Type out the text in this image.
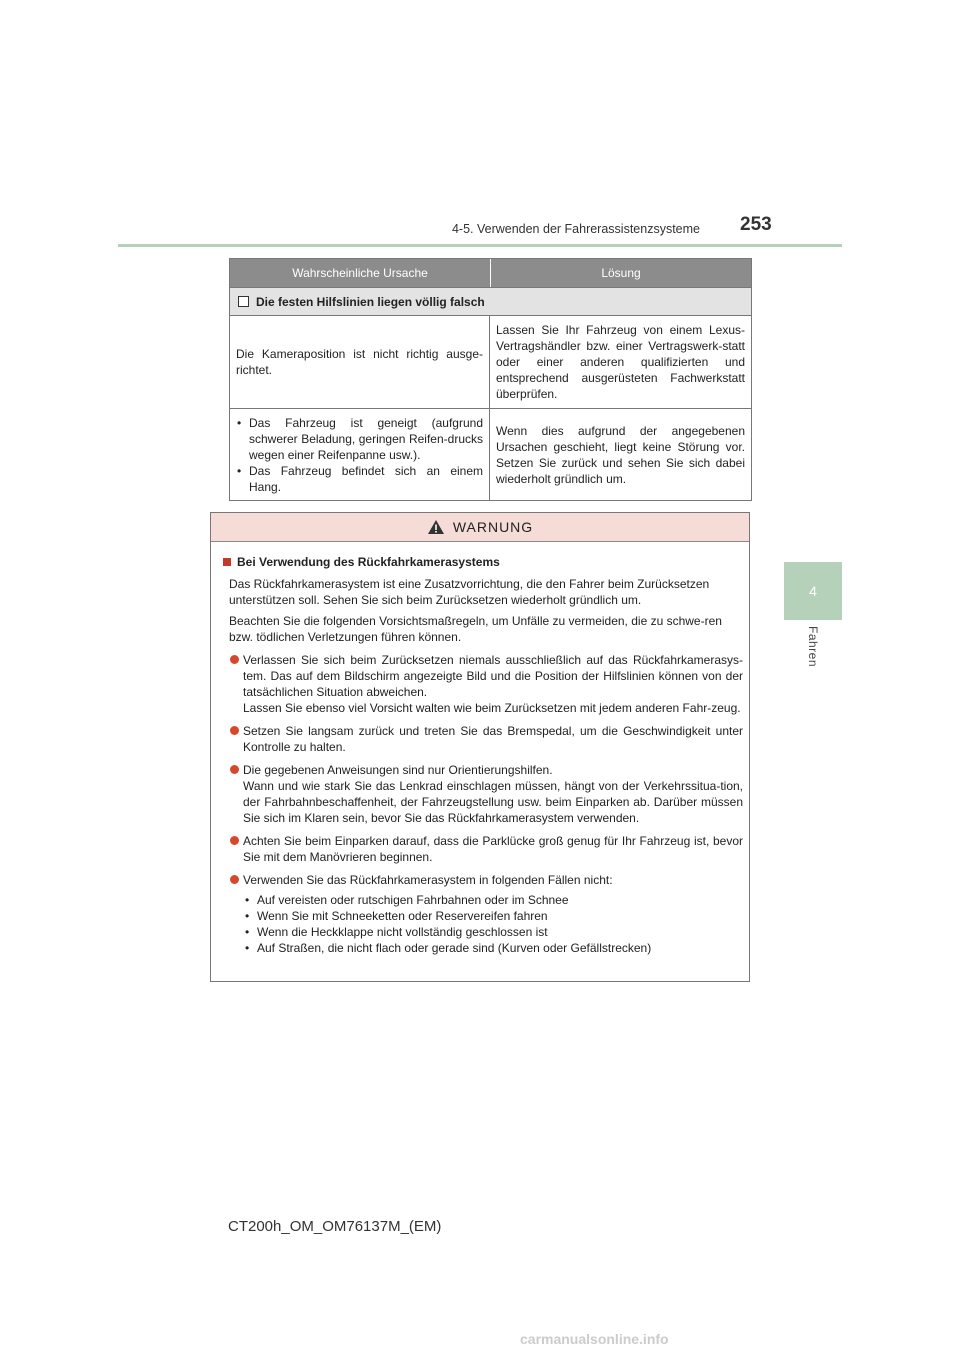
4-5. Verwenden der Fahrerassistenzsysteme 253
4
Fahren
Wahrscheinliche Ursache	Lösung
Die festen Hilfslinien liegen völlig falsch
Die Kameraposition ist nicht richtig ausge-richtet.
Lassen Sie Ihr Fahrzeug von einem Lexus-Vertragshändler bzw. einer Vertragswerk-statt oder einer anderen qualifizierten und entsprechend ausgerüsteten Fachwerkstatt überprüfen.
• Das Fahrzeug ist geneigt (aufgrund schwerer Beladung, geringen Reifen-drucks wegen einer Reifenpanne usw.).
• Das Fahrzeug befindet sich an einem Hang.
Wenn dies aufgrund der angegebenen Ursachen geschieht, liegt keine Störung vor. Setzen Sie zurück und sehen Sie sich dabei wiederholt gründlich um.
WARNUNG
Bei Verwendung des Rückfahrkamerasystems
Das Rückfahrkamerasystem ist eine Zusatzvorrichtung, die den Fahrer beim Zurücksetzen unterstützen soll. Sehen Sie sich beim Zurücksetzen wiederholt gründlich um.
Beachten Sie die folgenden Vorsichtsmaßregeln, um Unfälle zu vermeiden, die zu schwe-ren bzw. tödlichen Verletzungen führen können.
Verlassen Sie sich beim Zurücksetzen niemals ausschließlich auf das Rückfahrkamerasys-tem. Das auf dem Bildschirm angezeigte Bild und die Position der Hilfslinien können von der tatsächlichen Situation abweichen.
Lassen Sie ebenso viel Vorsicht walten wie beim Zurücksetzen mit jedem anderen Fahr-zeug.
Setzen Sie langsam zurück und treten Sie das Bremspedal, um die Geschwindigkeit unter Kontrolle zu halten.
Die gegebenen Anweisungen sind nur Orientierungshilfen.
Wann und wie stark Sie das Lenkrad einschlagen müssen, hängt von der Verkehrssitua-tion, der Fahrbahnbeschaffenheit, der Fahrzeugstellung usw. beim Einparken ab. Darüber müssen Sie sich im Klaren sein, bevor Sie das Rückfahrkamerasystem verwenden.
Achten Sie beim Einparken darauf, dass die Parklücke groß genug für Ihr Fahrzeug ist, bevor Sie mit dem Manövrieren beginnen.
Verwenden Sie das Rückfahrkamerasystem in folgenden Fällen nicht:
• Auf vereisten oder rutschigen Fahrbahnen oder im Schnee
• Wenn Sie mit Schneeketten oder Reservereifen fahren
• Wenn die Heckklappe nicht vollständig geschlossen ist
• Auf Straßen, die nicht flach oder gerade sind (Kurven oder Gefällstrecken)
CT200h_OM_OM76137M_(EM)
carmanualsonline.info
